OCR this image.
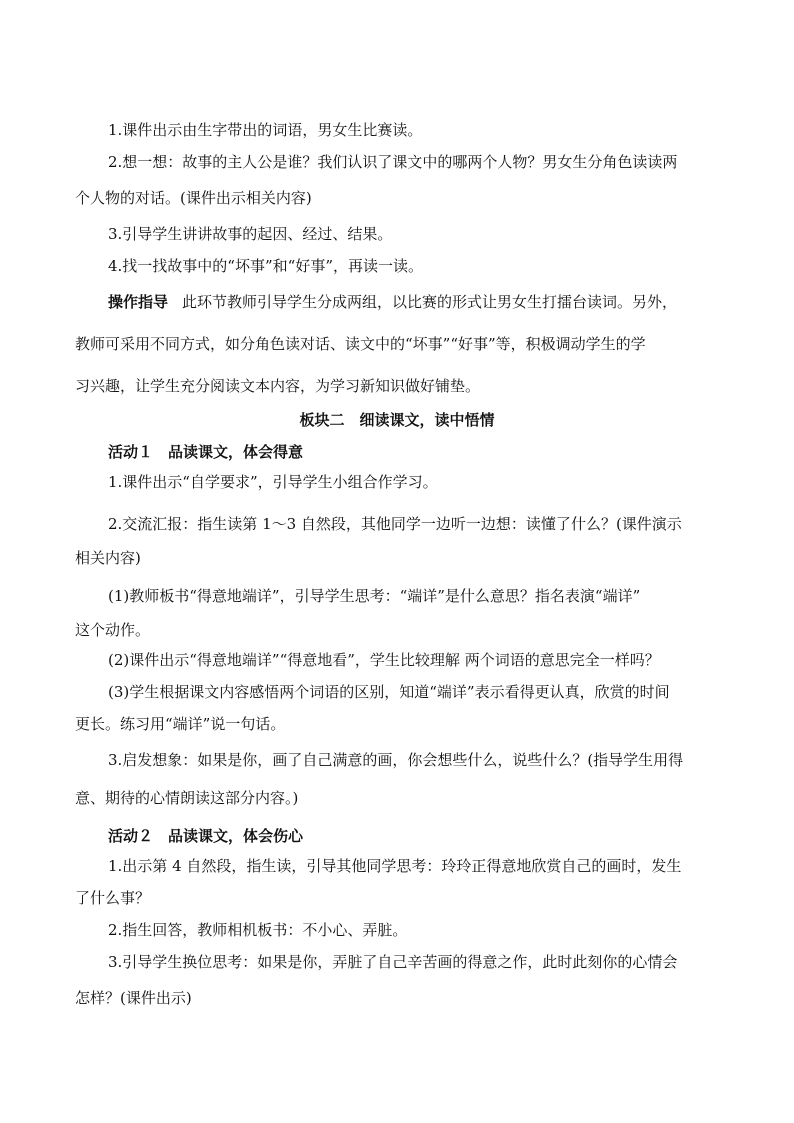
1.课件出示由生字带出的词语，男女生比赛读。
2.想一想：故事的主人公是谁？我们认识了课文中的哪两个人物？男女生分角色读读两
个人物的对话。(课件出示相关内容)
3.引导学生讲讲故事的起因、经过、结果。
4.找一找故事中的“坏事”和“好事”，再读一读。
操作指导 此环节教师引导学生分成两组，以比赛的形式让男女生打擂台读词。另外，
教师可采用不同方式，如分角色读对话、读文中的“坏事”“好事”等，积极调动学生的学
习兴趣，让学生充分阅读文本内容，为学习新知识做好铺垫。
板块二　细读课文，读中悟情
活动１　品读课文，体会得意
1.课件出示“自学要求”，引导学生小组合作学习。
2.交流汇报：指生读第 1～3 自然段，其他同学一边听一边想：读懂了什么？(课件演示
相关内容)
(1)教师板书“得意地端详”，引导学生思考：“端详”是什么意思？指名表演“端详”
这个动作。
(2)课件出示“得意地端详”“得意地看”，学生比较理解 两个词语的意思完全一样吗？
(3)学生根据课文内容感悟两个词语的区别，知道“端详”表示看得更认真，欣赏的时间
更长。练习用“端详”说一句话。
3.启发想象：如果是你，画了自己满意的画，你会想些什么，说些什么？(指导学生用得
意、期待的心情朗读这部分内容。)
活动２　品读课文，体会伤心
1.出示第 4 自然段，指生读，引导其他同学思考：玲玲正得意地欣赏自己的画时，发生
了什么事？
2.指生回答，教师相机板书：不小心、弄脏。
3.引导学生换位思考：如果是你，弄脏了自己辛苦画的得意之作，此时此刻你的心情会
怎样？(课件出示)
